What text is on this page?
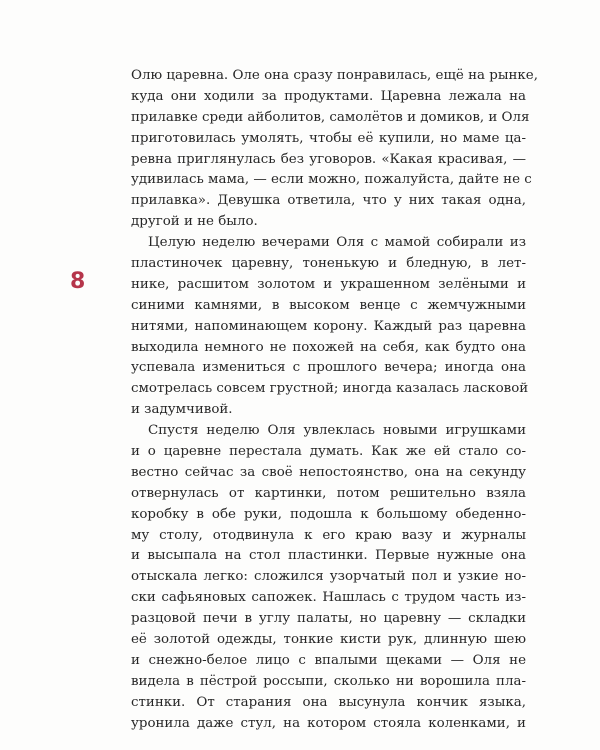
8
Олю царевна. Оле она сразу понравилась, ещё на рынке,
куда они ходили за продуктами. Царевна лежала на
прилавке среди айболитов, самолётов и домиков, и Оля
приготовилась умолять, чтобы её купили, но маме ца-
ревна приглянулась без уговоров. «Какая красивая, —
удивилась мама, — если можно, пожалуйста, дайте не с
прилавка». Девушка ответила, что у них такая одна,
другой и не было.
Целую неделю вечерами Оля с мамой собирали из
пластиночек царевну, тоненькую и бледную, в лет-
нике, расшитом золотом и украшенном зелёными и
синими камнями, в высоком венце с жемчужными
нитями, напоминающем корону. Каждый раз царевна
выходила немного не похожей на себя, как будто она
успевала измениться с прошлого вечера; иногда она
смотрелась совсем грустной; иногда казалась ласковой
и задумчивой.
Спустя неделю Оля увлеклась новыми игрушками
и о царевне перестала думать. Как же ей стало со-
вестно сейчас за своё непостоянство, она на секунду
отвернулась от картинки, потом решительно взяла
коробку в обе руки, подошла к большому обеденно-
му столу, отодвинула к его краю вазу и журналы
и высыпала на стол пластинки. Первые нужные она
отыскала легко: сложился узорчатый пол и узкие но-
ски сафьяновых сапожек. Нашлась с трудом часть из-
разцовой печи в углу палаты, но царевну — складки
её золотой одежды, тонкие кисти рук, длинную шею
и снежно-белое лицо с впалыми щеками — Оля не
видела в пёстрой россыпи, сколько ни ворошила пла-
стинки. От старания она высунула кончик языка,
уронила даже стул, на котором стояла коленками, и
